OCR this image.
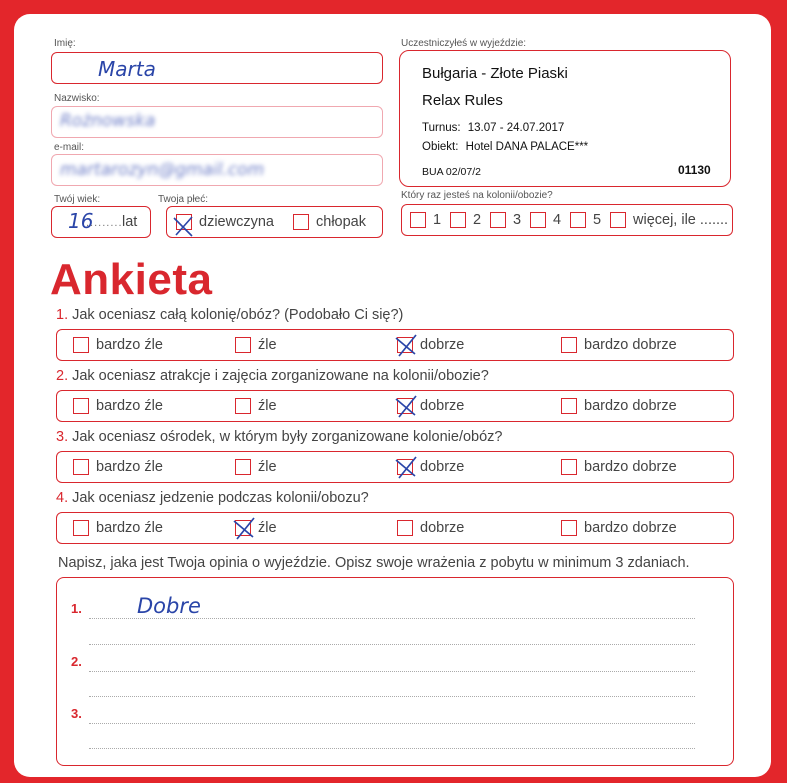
Imię:
Marta
Nazwisko:
Rożnowska
e-mail:
martarozyn@gmail.com
Twój wiek:
16
......... lat
Twoja płeć:
dziewczyna	chłopak
Uczestniczyłeś w wyjeździe:
Bułgaria - Złote Piaski
Relax Rules
Turnus: 13.07 - 24.07.2017
Obiekt: Hotel DANA PALACE***
BUA 02/07/2	01130
Który raz jesteś na kolonii/obozie?
1 2 3 4 5 więcej, ile .......
Ankieta
1. Jak oceniasz całą kolonię/obóz? (Podobało Ci się?)
bardzo źle	źle	dobrze	bardzo dobrze
2. Jak oceniasz atrakcje i zajęcia zorganizowane na kolonii/obozie?
bardzo źle	źle	dobrze	bardzo dobrze
3. Jak oceniasz ośrodek, w którym były zorganizowane kolonie/obóz?
bardzo źle	źle	dobrze	bardzo dobrze
4. Jak oceniasz jedzenie podczas kolonii/obozu?
bardzo źle	źle	dobrze	bardzo dobrze
Napisz, jaka jest Twoja opinia o wyjeździe. Opisz swoje wrażenia z pobytu w minimum 3 zdaniach.
1.
2.
3.
Dobre
